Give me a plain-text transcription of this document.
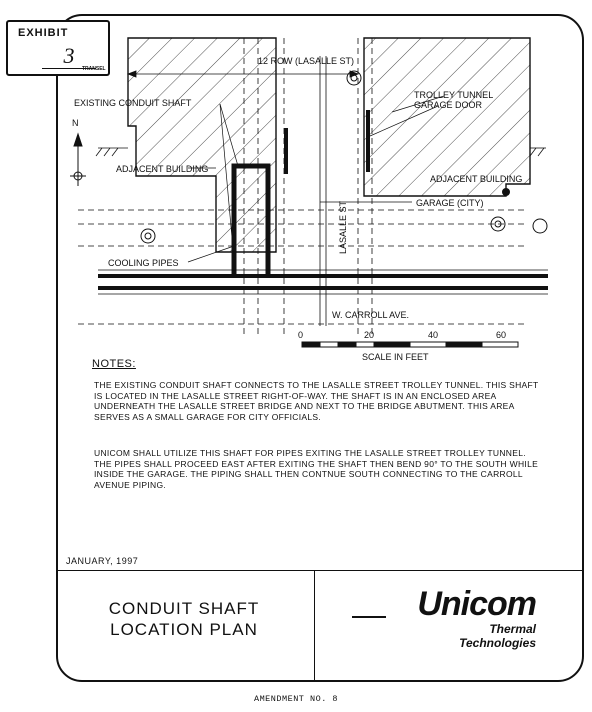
EXHIBIT
3
TRANSEL
N
12 ROW (LASALLE ST)
EXISTING CONDUIT SHAFT
TROLLEY TUNNEL
GARAGE DOOR
ADJACENT BUILDING
ADJACENT BUILDING
LASALLE ST	GARAGE (CITY)
COOLING PIPES
W. CARROLL AVE.
0	20	40	60
SCALE IN FEET
NOTES:

THE EXISTING CONDUIT SHAFT CONNECTS TO THE LASALLE STREET TROLLEY TUNNEL. THIS SHAFT IS LOCATED IN THE LASALLE STREET RIGHT-OF-WAY. THE SHAFT IS IN AN ENCLOSED AREA UNDERNEATH THE LASALLE STREET BRIDGE AND NEXT TO THE BRIDGE ABUTMENT. THIS AREA SERVES AS A SMALL GARAGE FOR CITY OFFICIALS.

UNICOM SHALL UTILIZE THIS SHAFT FOR PIPES EXITING THE LASALLE STREET TROLLEY TUNNEL. THE PIPES SHALL PROCEED EAST AFTER EXITING THE SHAFT THEN BEND 90° TO THE SOUTH WHILE INSIDE THE GARAGE. THE PIPING SHALL THEN CONTNUE SOUTH CONNECTING TO THE CARROLL AVENUE PIPING.

JANUARY, 1997
CONDUIT SHAFT
LOCATION PLAN
Unicom
Thermal
Technologies
AMENDMENT NO. 8
